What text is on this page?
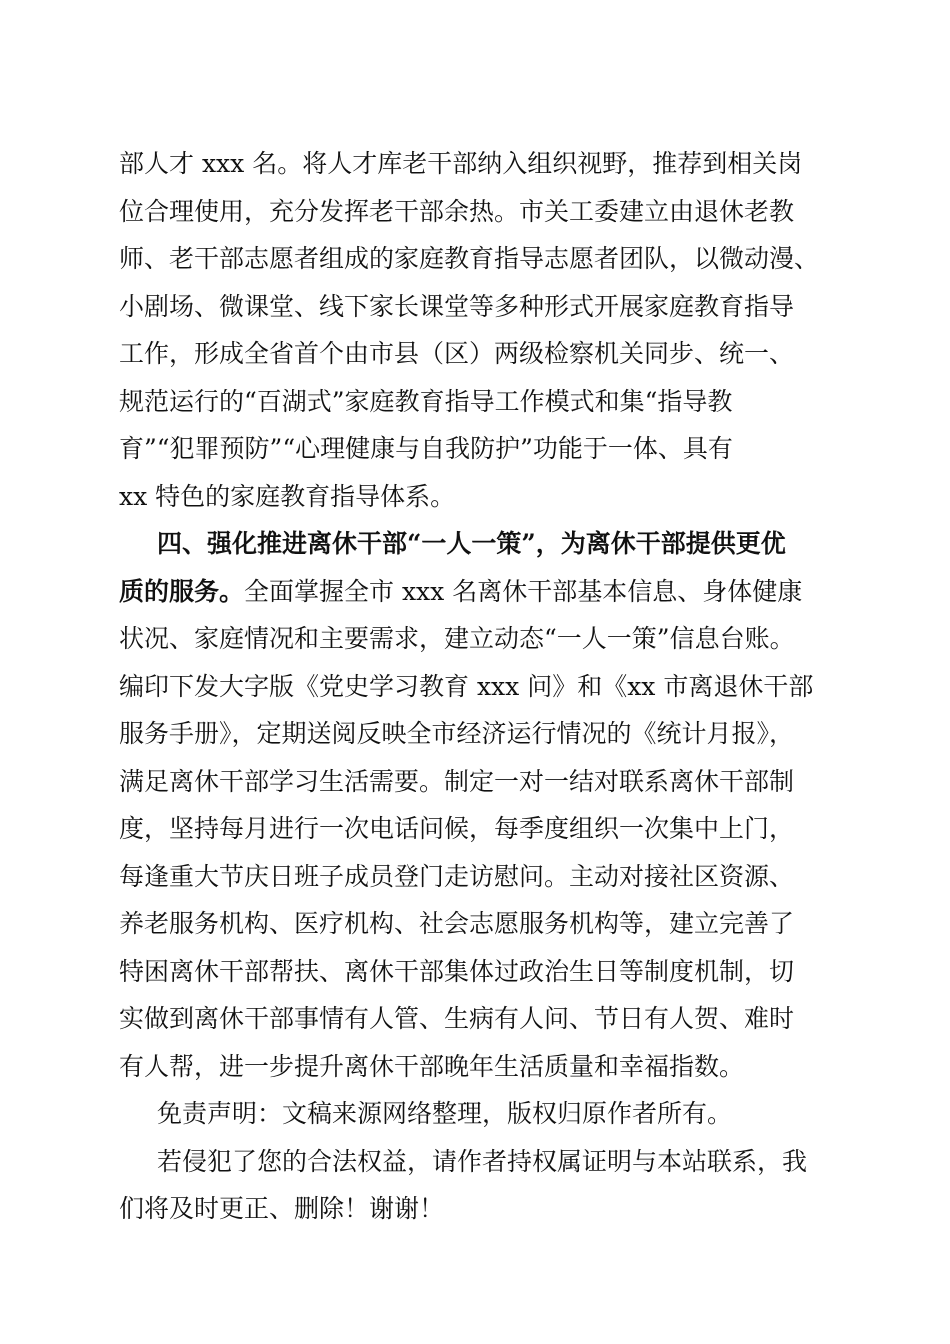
部人才 xxx 名。将人才库老干部纳入组织视野，推荐到相关岗
位合理使用，充分发挥老干部余热。市关工委建立由退休老教
师、老干部志愿者组成的家庭教育指导志愿者团队，以微动漫、
小剧场、微课堂、线下家长课堂等多种形式开展家庭教育指导
工作，形成全省首个由市县（区）两级检察机关同步、统一、
规范运行的“百湖式”家庭教育指导工作模式和集“指导教
育”“犯罪预防”“心理健康与自我防护”功能于一体、具有
xx 特色的家庭教育指导体系。
四、强化推进离休干部“一人一策”，为离休干部提供更优
质的服务。全面掌握全市 xxx 名离休干部基本信息、身体健康
状况、家庭情况和主要需求，建立动态“一人一策”信息台账。
编印下发大字版《党史学习教育 xxx 问》和《xx 市离退休干部
服务手册》，定期送阅反映全市经济运行情况的《统计月报》，
满足离休干部学习生活需要。制定一对一结对联系离休干部制
度，坚持每月进行一次电话问候，每季度组织一次集中上门，
每逢重大节庆日班子成员登门走访慰问。主动对接社区资源、
养老服务机构、医疗机构、社会志愿服务机构等，建立完善了
特困离休干部帮扶、离休干部集体过政治生日等制度机制，切
实做到离休干部事情有人管、生病有人问、节日有人贺、难时
有人帮，进一步提升离休干部晚年生活质量和幸福指数。
免责声明：文稿来源网络整理，版权归原作者所有。
若侵犯了您的合法权益，请作者持权属证明与本站联系，我
们将及时更正、删除！谢谢！
